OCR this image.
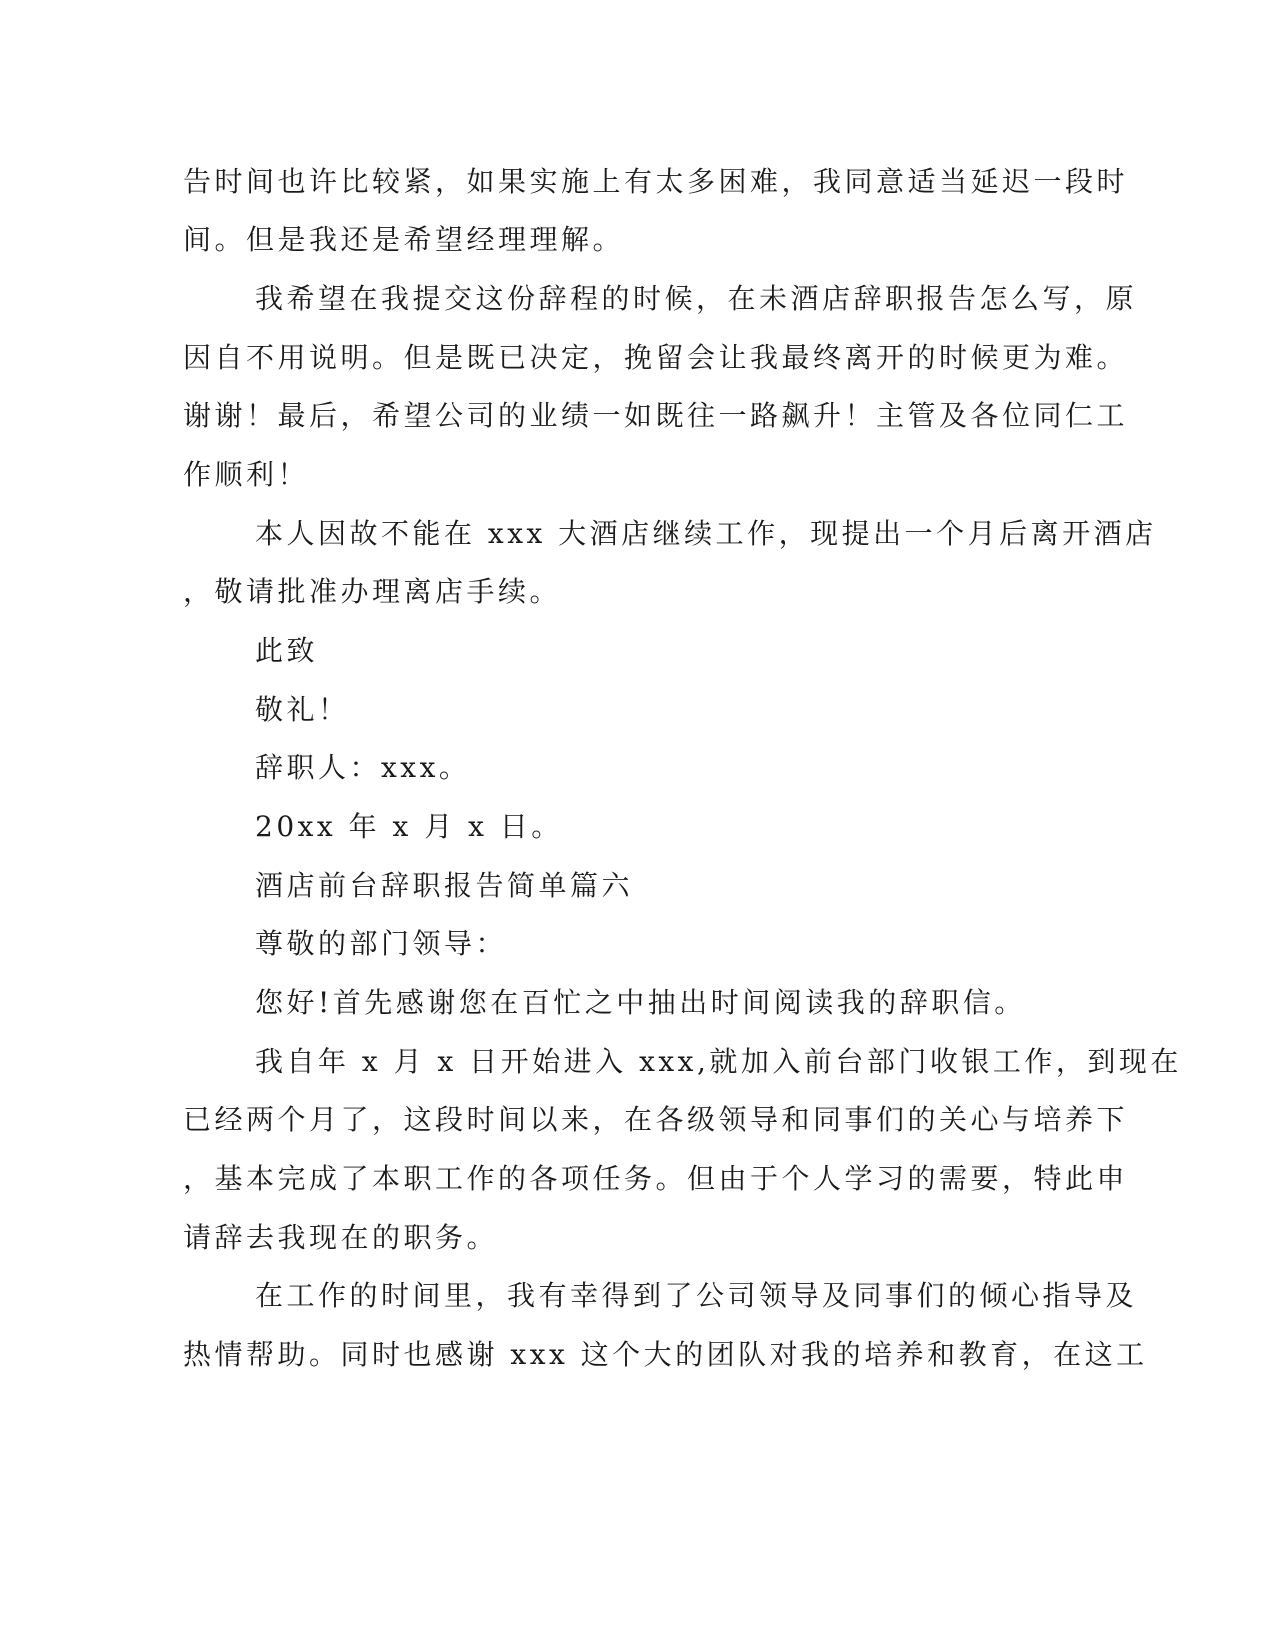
告时间也许比较紧，如果实施上有太多困难，我同意适当延迟一段时
间。但是我还是希望经理理解。
我希望在我提交这份辞程的时候，在未酒店辞职报告怎么写，原
因自不用说明。但是既已决定，挽留会让我最终离开的时候更为难。
谢谢！最后，希望公司的业绩一如既往一路飙升！主管及各位同仁工
作顺利！
本人因故不能在 xxx 大酒店继续工作，现提出一个月后离开酒店
，敬请批准办理离店手续。
此致
敬礼！
辞职人：xxx。
20xx 年 x 月 x 日。
酒店前台辞职报告简单篇六
尊敬的部门领导：
您好!首先感谢您在百忙之中抽出时间阅读我的辞职信。
我自年 x 月 x 日开始进入 xxx,就加入前台部门收银工作，到现在
已经两个月了，这段时间以来，在各级领导和同事们的关心与培养下
，基本完成了本职工作的各项任务。但由于个人学习的需要，特此申
请辞去我现在的职务。
在工作的时间里，我有幸得到了公司领导及同事们的倾心指导及
热情帮助。同时也感谢 xxx 这个大的团队对我的培养和教育，在这工
